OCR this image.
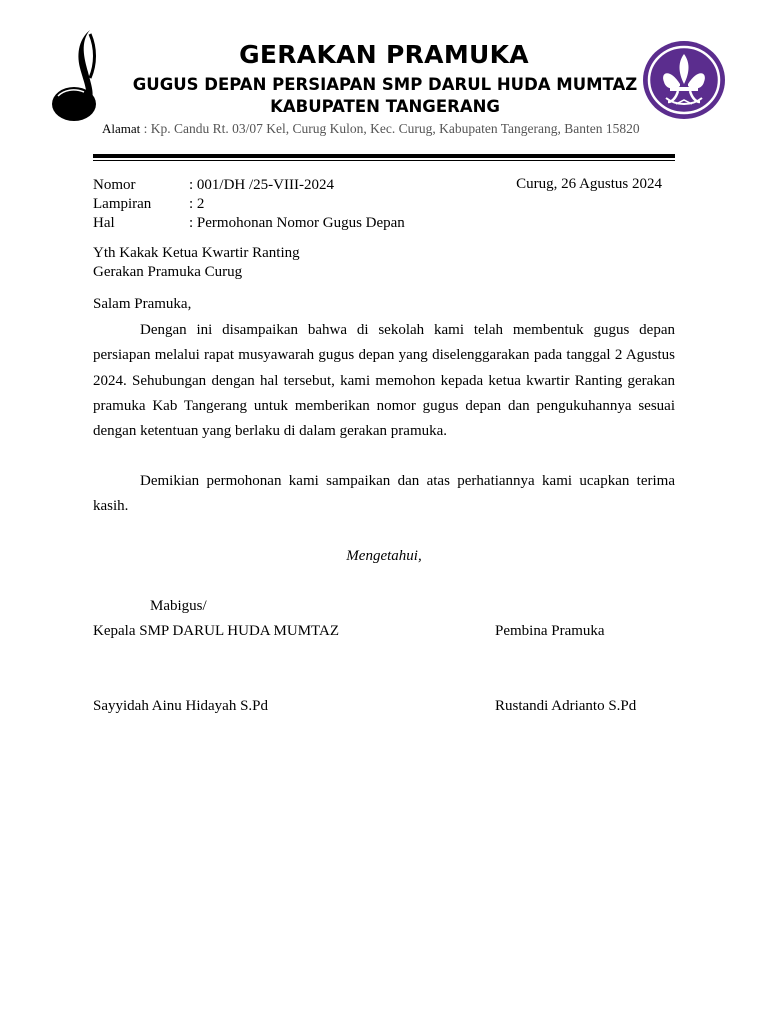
GERAKAN PRAMUKA
GUGUS DEPAN PERSIAPAN SMP DARUL HUDA MUMTAZ
KABUPATEN TANGERANG
Alamat : Kp. Candu Rt. 03/07 Kel, Curug Kulon, Kec. Curug, Kabupaten Tangerang, Banten 15820
Nomor	: 001/DH /25-VIII-2024
Lampiran	: 2
Hal	: Permohonan Nomor Gugus Depan
Curug, 26 Agustus 2024
Yth Kakak Ketua Kwartir Ranting
Gerakan Pramuka Curug
Salam Pramuka,
Dengan ini disampaikan bahwa di sekolah kami telah membentuk gugus depan persiapan melalui rapat musyawarah gugus depan yang diselenggarakan pada tanggal 2 Agustus 2024. Sehubungan dengan hal tersebut, kami memohon kepada ketua kwartir Ranting gerakan pramuka Kab Tangerang untuk memberikan nomor gugus depan dan pengukuhannya sesuai dengan ketentuan yang berlaku di dalam gerakan pramuka.
Demikian permohonan kami sampaikan dan atas perhatiannya kami ucapkan terima kasih.
Mengetahui,
Mabigus/
Kepala SMP DARUL HUDA MUMTAZ	Pembina Pramuka
Sayyidah Ainu Hidayah S.Pd	Rustandi Adrianto S.Pd
